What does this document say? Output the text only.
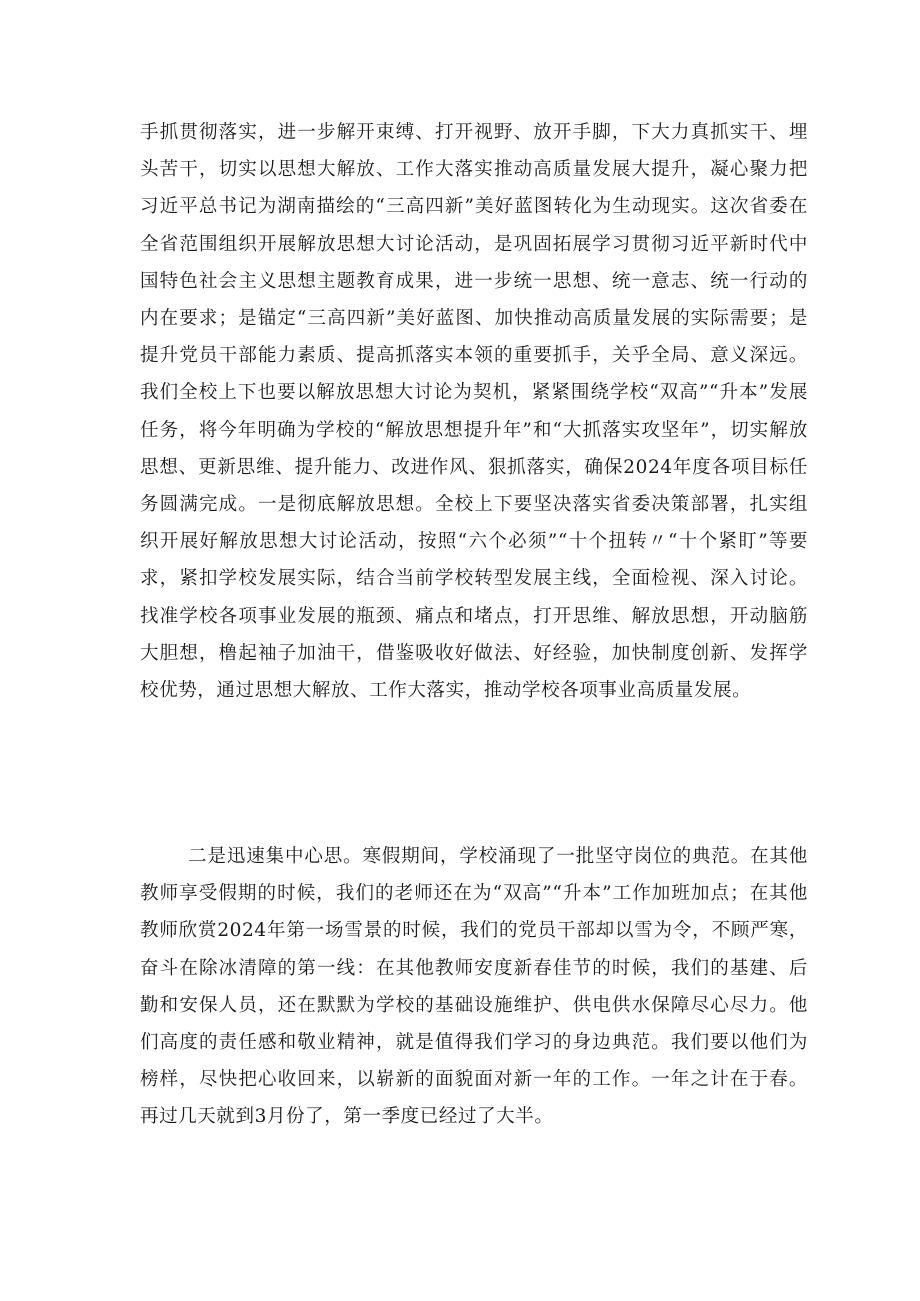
手抓贯彻落实，进一步解开束缚、打开视野、放开手脚，下大力真抓实干、埋头苦干，切实以思想大解放、工作大落实推动高质量发展大提升，凝心聚力把习近平总书记为湖南描绘的“三高四新”美好蓝图转化为生动现实。这次省委在全省范围组织开展解放思想大讨论活动，是巩固拓展学习贯彻习近平新时代中国特色社会主义思想主题教育成果，进一步统一思想、统一意志、统一行动的内在要求；是锚定“三高四新”美好蓝图、加快推动高质量发展的实际需要；是提升党员干部能力素质、提高抓落实本领的重要抓手，关乎全局、意义深远。我们全校上下也要以解放思想大讨论为契机，紧紧围绕学校“双高”“升本”发展任务，将今年明确为学校的“解放思想提升年”和“大抓落实攻坚年”，切实解放思想、更新思维、提升能力、改进作风、狠抓落实，确保2024年度各项目标任务圆满完成。一是彻底解放思想。全校上下要坚决落实省委决策部署，扎实组织开展好解放思想大讨论活动，按照“六个必须”“十个扭转〃“十个紧盯”等要求，紧扣学校发展实际，结合当前学校转型发展主线，全面检视、深入讨论。找准学校各项事业发展的瓶颈、痛点和堵点，打开思维、解放思想，开动脑筋大胆想，橹起袖子加油干，借鉴吸收好做法、好经验，加快制度创新、发挥学校优势，通过思想大解放、工作大落实，推动学校各项事业高质量发展。

二是迅速集中心思。寒假期间，学校涌现了一批坚守岗位的典范。在其他教师享受假期的时候，我们的老师还在为“双高”“升本”工作加班加点；在其他教师欣赏2024年第一场雪景的时候，我们的党员干部却以雪为令，不顾严寒，奋斗在除冰清障的第一线：在其他教师安度新春佳节的时候，我们的基建、后勤和安保人员，还在默默为学校的基础设施维护、供电供水保障尽心尽力。他们高度的责任感和敬业精神，就是值得我们学习的身边典范。我们要以他们为榜样，尽快把心收回来，以崭新的面貌面对新一年的工作。一年之计在于春。再过几天就到3月份了，第一季度已经过了大半。
